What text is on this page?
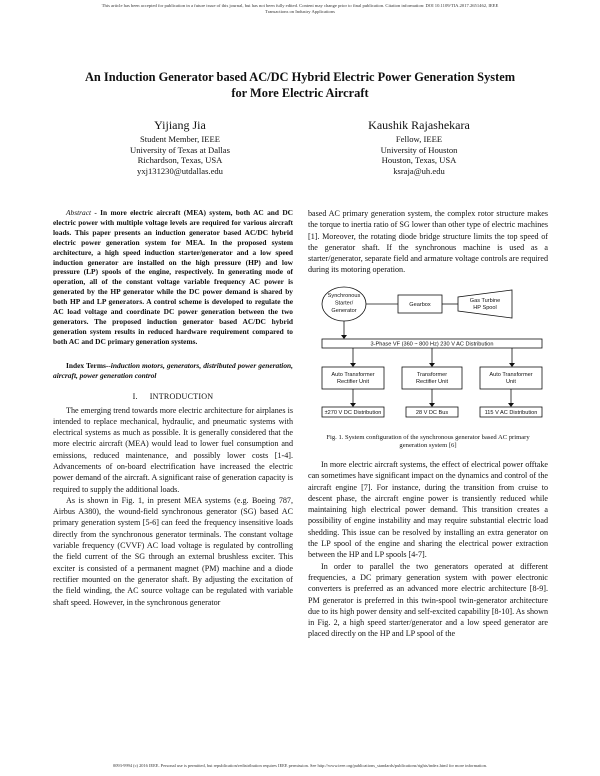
This article has been accepted for publication in a future issue of this journal, but has not been fully edited. Content may change prior to final publication. Citation information: DOI 10.1109/TIA.2017.2651462, IEEE
Transactions on Industry Applications
An Induction Generator based AC/DC Hybrid Electric Power Generation System
for More Electric Aircraft
Yijiang Jia
Student Member, IEEE
University of Texas at Dallas
Richardson, Texas, USA
yxj131230@utdallas.edu
Kaushik Rajashekara
Fellow, IEEE
University of Houston
Houston, Texas, USA
ksraja@uh.edu
Abstract - In more electric aircraft (MEA) system, both AC and DC electric power with multiple voltage levels are required for various aircraft loads. This paper presents an induction generator based AC/DC hybrid electric power generation system for MEA. In the proposed system architecture, a high speed induction starter/generator and a low speed induction generator are installed on the high pressure (HP) and low pressure (LP) spools of the engine, respectively. In generating mode of operation, all of the constant voltage variable frequency AC power is generated by the HP generator while the DC power demand is shared by both HP and LP generators. A control scheme is developed to regulate the AC load voltage and coordinate DC power generation between the two generators. The proposed induction generator based AC/DC hybrid generation system results in reduced hardware requirement compared to both AC and DC primary generation systems.
Index Terms--induction motors, generators, distributed power generation, aircraft, power generation control
I. INTRODUCTION

The emerging trend towards more electric architecture for airplanes is intended to replace mechanical, hydraulic, and pneumatic systems with electrical systems as much as possible. It is generally considered that the more electric aircraft (MEA) would lead to lower fuel consumption and emissions, reduced maintenance, and possibly lower costs [1-4]. Advancements of on-board electrification have increased the electric power demand of the aircraft. A significant raise of generation capacity is required to supply the additional loads.

As is shown in Fig. 1, in present MEA systems (e.g. Boeing 787, Airbus A380), the wound-field synchronous generator (SG) based AC primary generation system [5-6] can feed the frequency insensitive loads directly from the synchronous generator terminals. The constant voltage variable frequency (CVVF) AC load voltage is regulated by controlling the field current of the SG through an external brushless exciter. This exciter is consisted of a permanent magnet (PM) machine and a diode rectifier mounted on the generator shaft. By adjusting the excitation of the field winding, the AC source voltage can be regulated with variable shaft speed. However, in the synchronous generator

based AC primary generation system, the complex rotor structure makes the torque to inertia ratio of SG lower than other type of electric machines [1]. Moreover, the rotating diode bridge structure limits the top speed of the generator shaft. If the synchronous machine is used as a starter/generator, separate field and armature voltage controls are required during its motoring operation.

Synchronous
Starter/
Generator
Gearbox
Gas Turbine
HP Spool
3-Phase VF (360 ~ 800 Hz) 230 V AC Distribution
Auto Transformer
Rectifier Unit
Transformer
Rectifier Unit
Auto Transformer
Unit
±270 V DC Distribution	28 V DC Bus	115 V AC Distribution
Fig. 1. System configuration of the synchronous generator based AC primary generation system [6]

In more electric aircraft systems, the effect of electrical power offtake can sometimes have significant impact on the dynamics and control of the aircraft engine [7]. For instance, during the transition from cruise to descent phase, the aircraft engine power is transiently reduced while maintaining high electrical power demand. This transition creates a possibility of engine instability and may require substantial electric load shedding. This issue can be resolved by installing an extra generator on the LP spool of the engine and sharing the electrical power extraction between the HP and LP spools [4-7].

In order to parallel the two generators operated at different frequencies, a DC primary generation system with power electronic converters is preferred as an advanced more electric architecture [8-9]. PM generator is preferred in this twin-spool twin-generator architecture due to its high power density and self-excited capability [8-10]. As shown in Fig. 2, a high speed starter/generator and a low speed generator are placed directly on the HP and LP spool of the

0093-9994 (c) 2016 IEEE. Personal use is permitted, but republication/redistribution requires IEEE permission. See http://www.ieee.org/publications_standards/publications/rights/index.html for more information.
